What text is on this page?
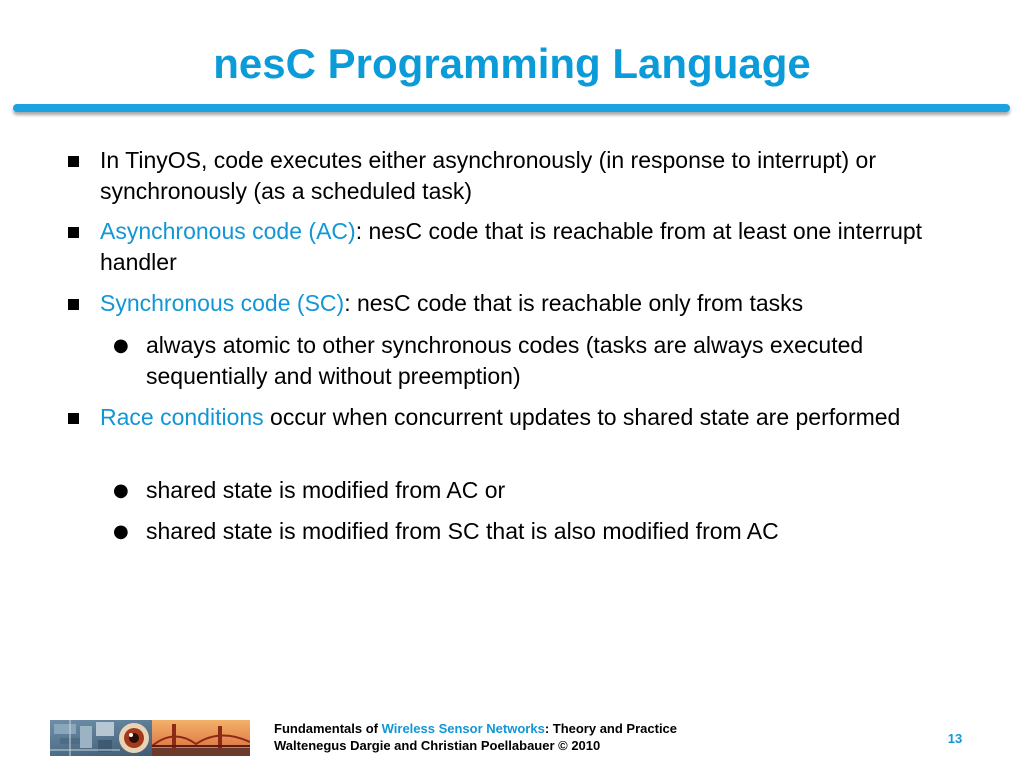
nesC Programming Language
In TinyOS, code executes either asynchronously (in response to interrupt) or synchronously (as a scheduled task)
Asynchronous code (AC): nesC code that is reachable from at least one interrupt handler
Synchronous code (SC): nesC code that is reachable only from tasks
● always atomic to other synchronous codes (tasks are always executed sequentially and without preemption)
Race conditions occur when concurrent updates to shared state are performed
● shared state is modified from AC or
● shared state is modified from SC that is also modified from AC
Fundamentals of Wireless Sensor Networks: Theory and Practice
Waltenegus Dargie and Christian Poellabauer © 2010	13
